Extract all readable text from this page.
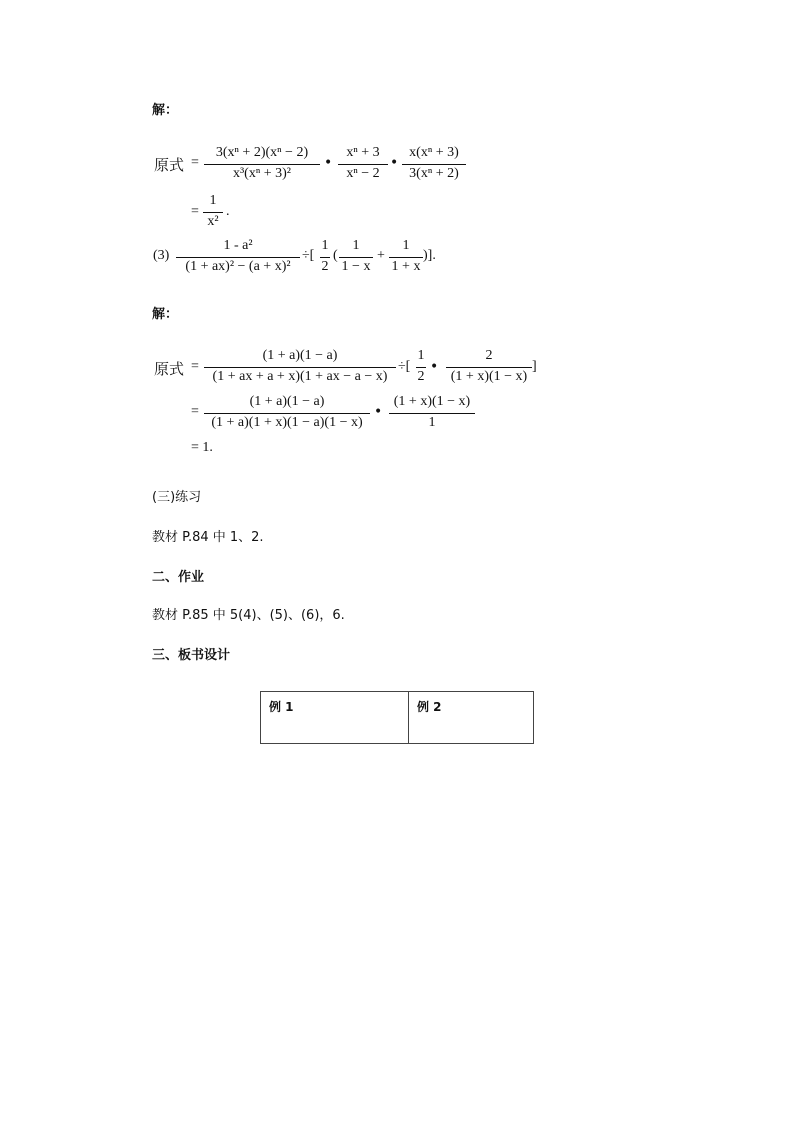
解：
原式 =
3(xⁿ + 2)(xⁿ − 2)
x³(xⁿ + 3)²
•
xⁿ + 3
xⁿ − 2
•
x(xⁿ + 3)
3(xⁿ + 2)
=
1
x²
.
(3)
1 - a²
(1 + ax)² − (a + x)²
÷[
1
2
(
1
1 − x
+
1
1 + x
)].
解：
原式 =
(1 + a)(1 − a)
(1 + ax + a + x)(1 + ax − a − x)
÷[
1
2
•
2
(1 + x)(1 − x)
]
=
(1 + a)(1 − a)
(1 + a)(1 + x)(1 − a)(1 − x)
•
(1 + x)(1 − x)
1
= 1.
(三)练习
教材 P.84 中 1、2.
二、作业
教材 P.85 中 5(4)、(5)、(6)，6.
三、板书设计
例 1	例 2
